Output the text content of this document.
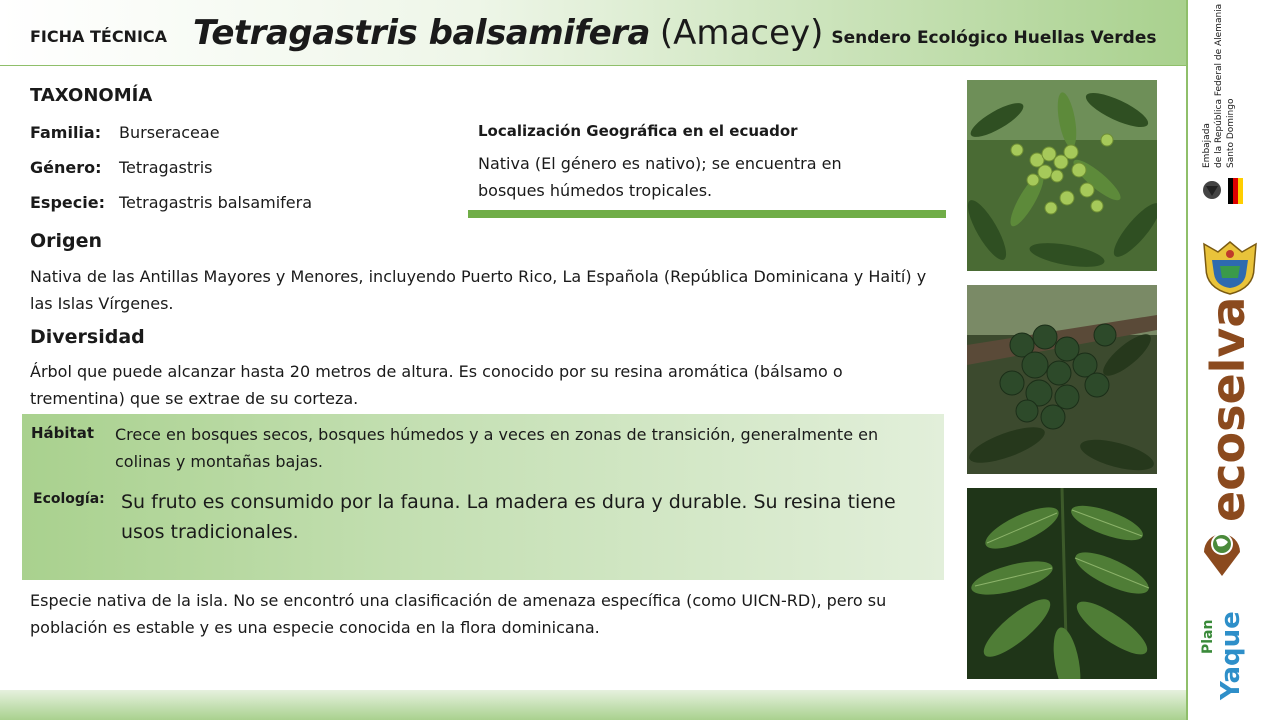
FICHA TÉCNICA Tetragastris balsamifera (Amacey) Sendero Ecológico Huellas Verdes
TAXONOMÍA
Familia:	Burseraceae
Género:	Tetragastris
Especie: Tetragastris balsamifera
Localización Geográfica en el ecuador
Nativa (El género es nativo); se encuentra en bosques húmedos tropicales.
Origen
Nativa de las Antillas Mayores y Menores, incluyendo Puerto Rico, La Española (República Dominicana y Haití) y las Islas Vírgenes.
Diversidad
Árbol que puede alcanzar hasta 20 metros de altura. Es conocido por su resina aromática (bálsamo o trementina) que se extrae de su corteza.
Hábitat Crece en bosques secos, bosques húmedos y a veces en zonas de transición, generalmente en colinas y montañas bajas.
Ecología: Su fruto es consumido por la fauna. La madera es dura y durable. Su resina tiene usos tradicionales.
Especie nativa de la isla. No se encontró una clasificación de amenaza específica (como UICN-RD), pero su población es estable y es una especie conocida en la flora dominicana.
Embajada de la República Federal de Alemania Santo Domingo
ecoselva
Plan Yaque
